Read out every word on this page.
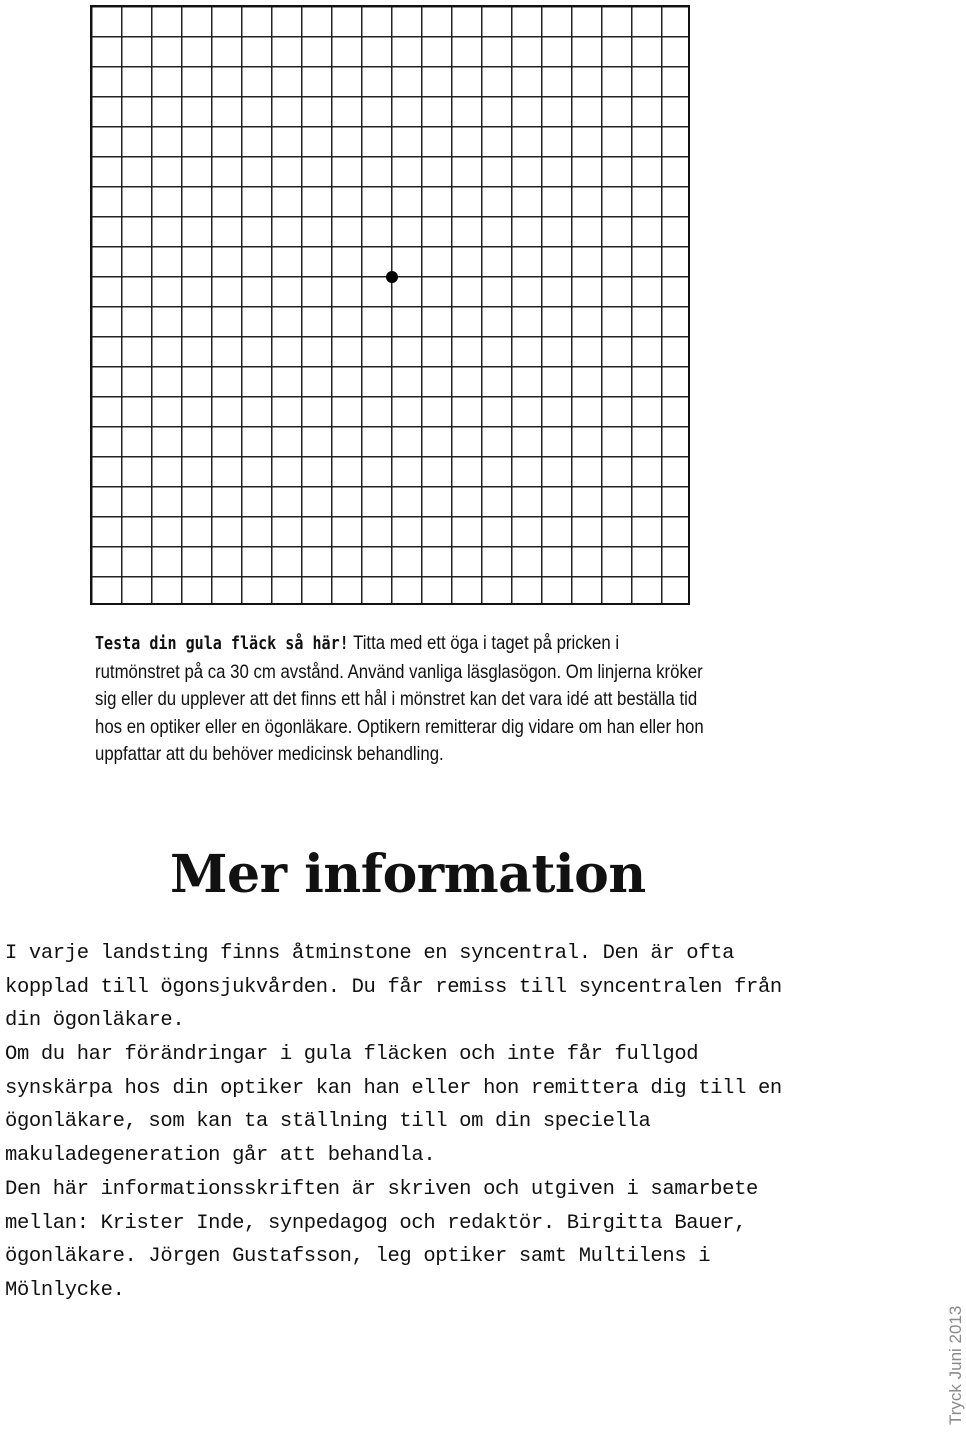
Testa din gula fläck så här! Titta med ett öga i taget på pricken i rutmönstret på ca 30 cm avstånd. Använd vanliga läsglasögon. Om linjerna kröker sig eller du upplever att det finns ett hål i mönstret kan det vara idé att beställa tid hos en optiker eller en ögonläkare. Optikern remitterar dig vidare om han eller hon uppfattar att du behöver medicinsk behandling.
Mer information

I varje landsting finns åtminstone en syncentral. Den är ofta kopplad till ögonsjukvården. Du får remiss till syncentralen från din ögonläkare.

Om du har förändringar i gula fläcken och inte får fullgod synskärpa hos din optiker kan han eller hon remittera dig till en ögonläkare, som kan ta ställning till om din speciella makuladegeneration går att behandla.

Den här informationsskriften är skriven och utgiven i samarbete mellan: Krister Inde, synpedagog och redaktör. Birgitta Bauer, ögonläkare. Jörgen Gustafsson, leg optiker samt Multilens i Mölnlycke.

Tryck Juni 2013
